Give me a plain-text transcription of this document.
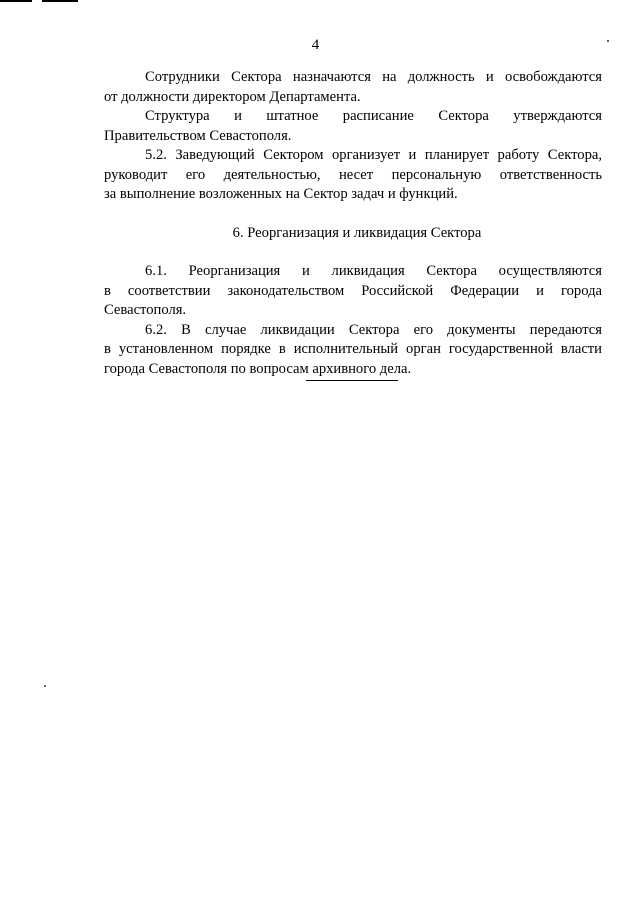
4

Сотрудники Сектора назначаются на должность и освобождаются
от должности директором Департамента.

Структура и штатное расписание Сектора утверждаются
Правительством Севастополя.

5.2. Заведующий Сектором организует и планирует работу Сектора,
руководит его деятельностью, несет персональную ответственность
за выполнение возложенных на Сектор задач и функций.

6. Реорганизация и ликвидация Сектора

6.1. Реорганизация и ликвидация Сектора осуществляются
в соответствии законодательством Российской Федерации и города
Севастополя.

6.2. В случае ликвидации Сектора его документы передаются
в установленном порядке в исполнительный орган государственной власти
города Севастополя по вопросам архивного дела.
